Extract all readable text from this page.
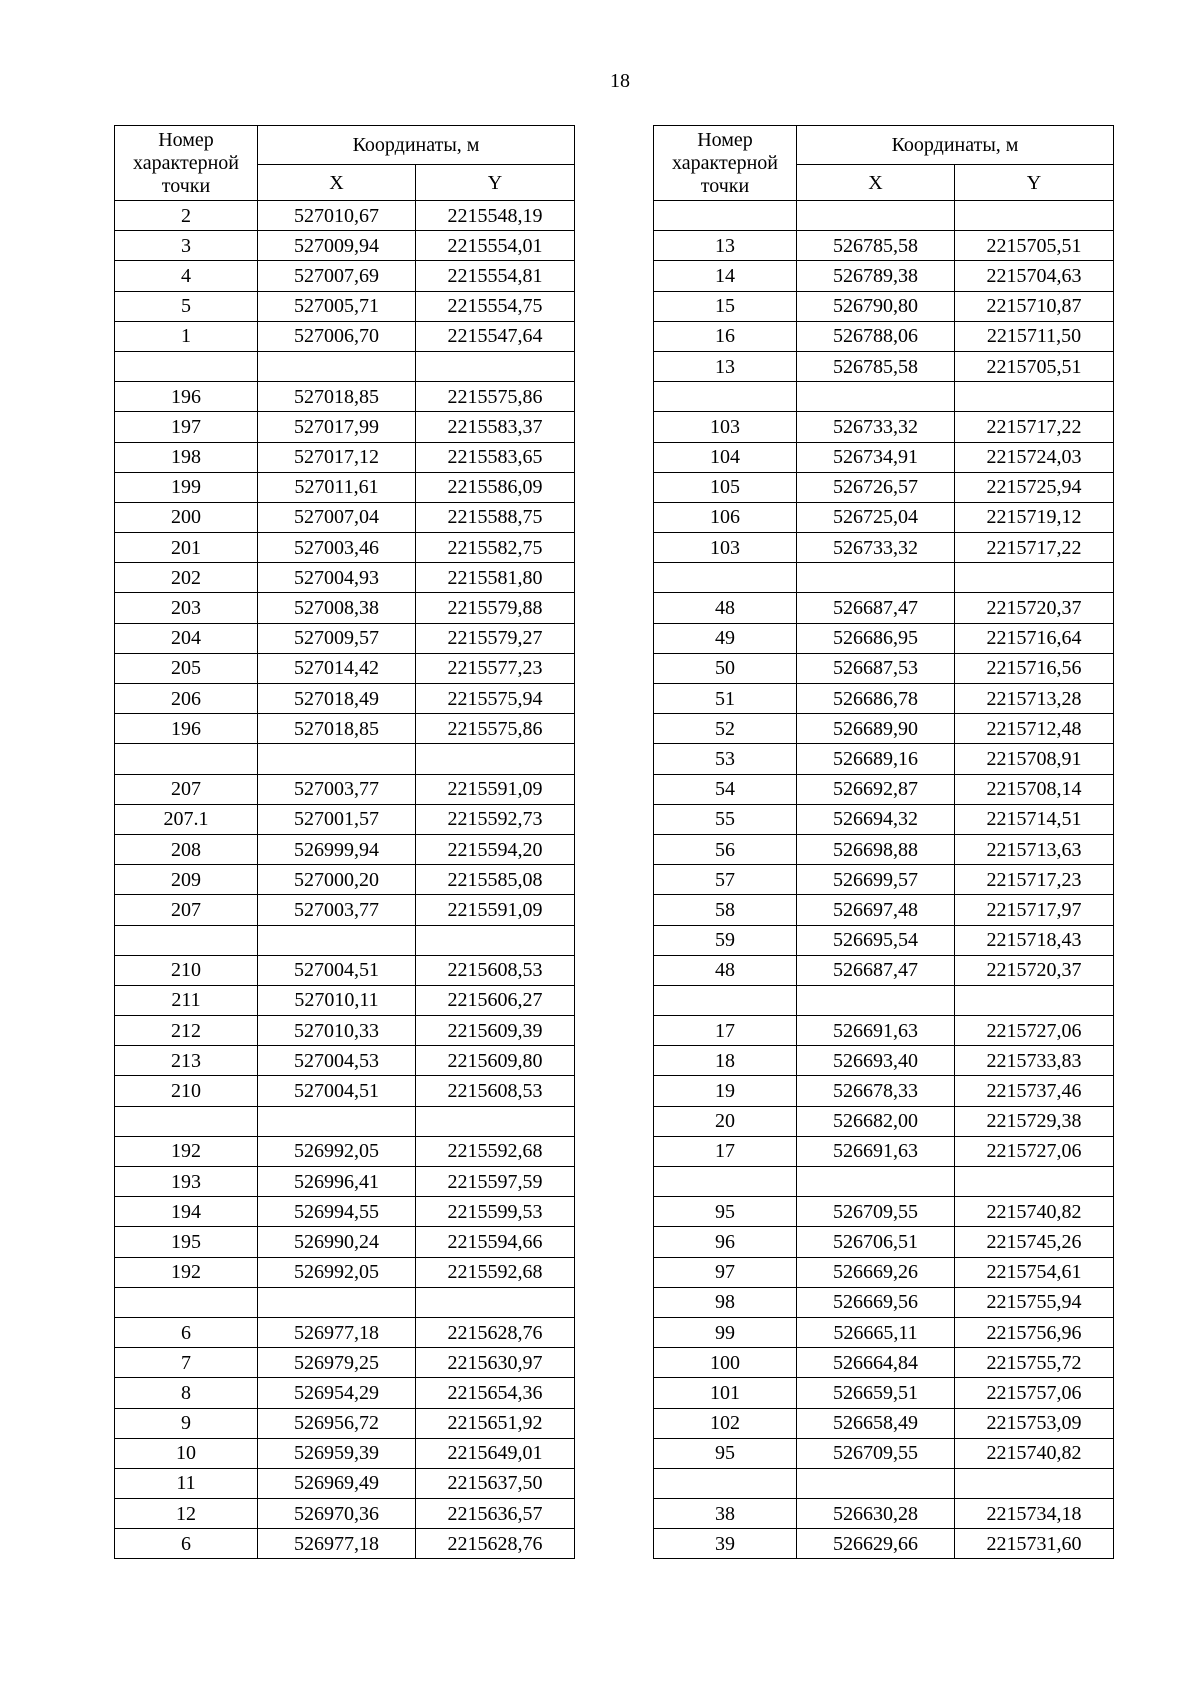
18
Номер характерной точки	Координаты, м	
	X	Y
2	527010,67	2215548,19
3	527009,94	2215554,01
4	527007,69	2215554,81
5	527005,71	2215554,75
1	527006,70	2215547,64

196	527018,85	2215575,86
197	527017,99	2215583,37
198	527017,12	2215583,65
199	527011,61	2215586,09
200	527007,04	2215588,75
201	527003,46	2215582,75
202	527004,93	2215581,80
203	527008,38	2215579,88
204	527009,57	2215579,27
205	527014,42	2215577,23
206	527018,49	2215575,94
196	527018,85	2215575,86

207	527003,77	2215591,09
207.1	527001,57	2215592,73
208	526999,94	2215594,20
209	527000,20	2215585,08
207	527003,77	2215591,09

210	527004,51	2215608,53
211	527010,11	2215606,27
212	527010,33	2215609,39
213	527004,53	2215609,80
210	527004,51	2215608,53

192	526992,05	2215592,68
193	526996,41	2215597,59
194	526994,55	2215599,53
195	526990,24	2215594,66
192	526992,05	2215592,68

6	526977,18	2215628,76
7	526979,25	2215630,97
8	526954,29	2215654,36
9	526956,72	2215651,92
10	526959,39	2215649,01
11	526969,49	2215637,50
12	526970,36	2215636,57
6	526977,18	2215628,76
Номер характерной точки	Координаты, м	
	X	Y

13	526785,58	2215705,51
14	526789,38	2215704,63
15	526790,80	2215710,87
16	526788,06	2215711,50
13	526785,58	2215705,51

103	526733,32	2215717,22
104	526734,91	2215724,03
105	526726,57	2215725,94
106	526725,04	2215719,12
103	526733,32	2215717,22

48	526687,47	2215720,37
49	526686,95	2215716,64
50	526687,53	2215716,56
51	526686,78	2215713,28
52	526689,90	2215712,48
53	526689,16	2215708,91
54	526692,87	2215708,14
55	526694,32	2215714,51
56	526698,88	2215713,63
57	526699,57	2215717,23
58	526697,48	2215717,97
59	526695,54	2215718,43
48	526687,47	2215720,37

17	526691,63	2215727,06
18	526693,40	2215733,83
19	526678,33	2215737,46
20	526682,00	2215729,38
17	526691,63	2215727,06

95	526709,55	2215740,82
96	526706,51	2215745,26
97	526669,26	2215754,61
98	526669,56	2215755,94
99	526665,11	2215756,96
100	526664,84	2215755,72
101	526659,51	2215757,06
102	526658,49	2215753,09
95	526709,55	2215740,82

38	526630,28	2215734,18
39	526629,66	2215731,60
